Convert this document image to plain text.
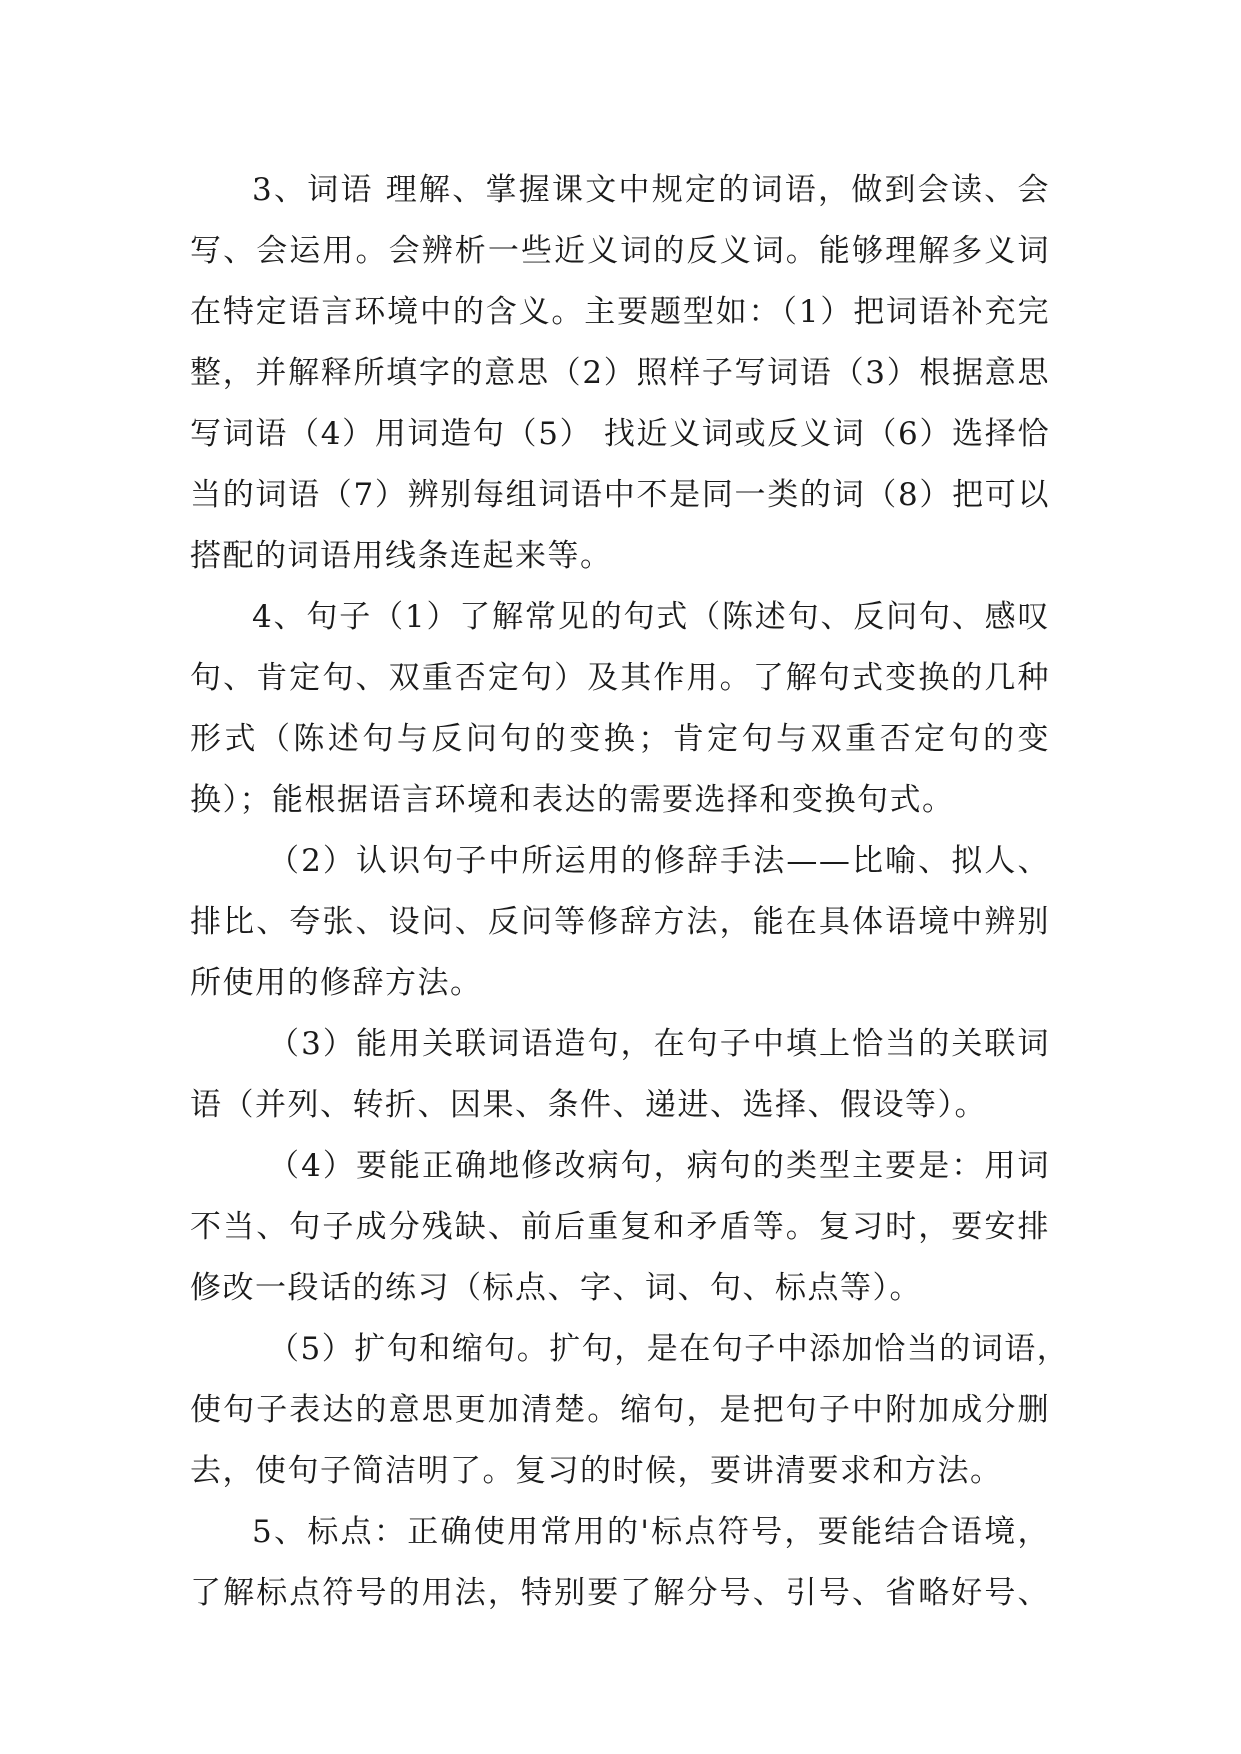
3、词语 理解、掌握课文中规定的词语，做到会读、会
写、会运用。会辨析一些近义词的反义词。能够理解多义词
在特定语言环境中的含义。主要题型如：（1）把词语补充完
整，并解释所填字的意思（2）照样子写词语（3）根据意思
写词语（4）用词造句（5） 找近义词或反义词（6）选择恰
当的词语（7）辨别每组词语中不是同一类的词（8）把可以
搭配的词语用线条连起来等。

4、句子（1）了解常见的句式（陈述句、反问句、感叹
句、肯定句、双重否定句）及其作用。了解句式变换的几种
形式（陈述句与反问句的变换；肯定句与双重否定句的变
换）；能根据语言环境和表达的需要选择和变换句式。

（2）认识句子中所运用的修辞手法——比喻、拟人、
排比、夸张、设问、反问等修辞方法，能在具体语境中辨别
所使用的修辞方法。

（3）能用关联词语造句，在句子中填上恰当的关联词
语（并列、转折、因果、条件、递进、选择、假设等）。

（4）要能正确地修改病句，病句的类型主要是：用词
不当、句子成分残缺、前后重复和矛盾等。复习时，要安排
修改一段话的练习（标点、字、词、句、标点等）。

（5）扩句和缩句。扩句，是在句子中添加恰当的词语，
使句子表达的意思更加清楚。缩句，是把句子中附加成分删
去，使句子简洁明了。复习的时候，要讲清要求和方法。

5、标点：正确使用常用的'标点符号，要能结合语境，
了解标点符号的用法，特别要了解分号、引号、省略好号、
